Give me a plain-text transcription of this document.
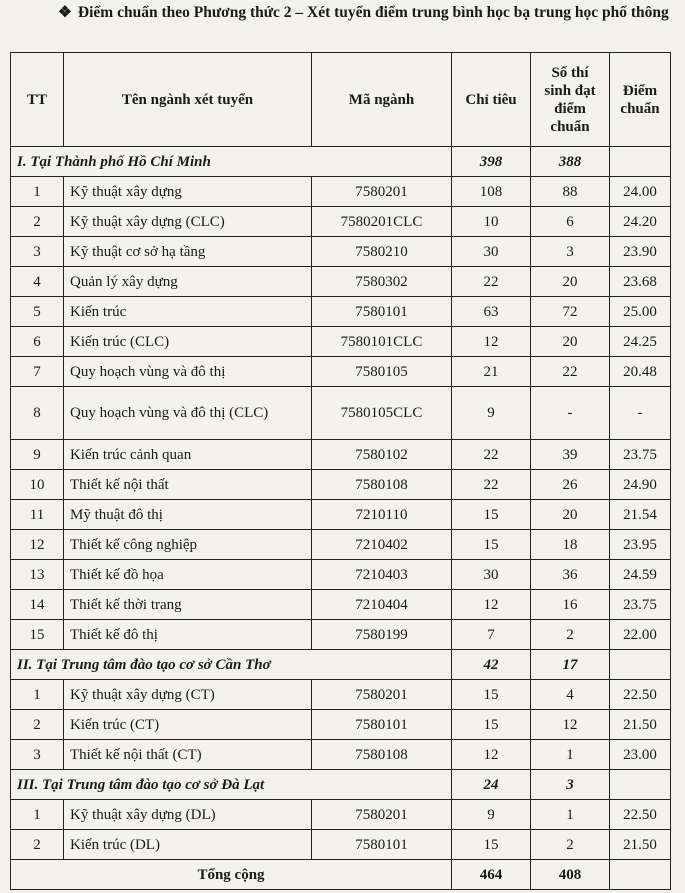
❖ Điểm chuẩn theo Phương thức 2 – Xét tuyển điểm trung bình học bạ trung học phổ thông
TT	Tên ngành xét tuyển	Mã ngành	Chỉ tiêu	Số thí sinh đạt điểm chuẩn	Điểm chuẩn
I. Tại Thành phố Hồ Chí Minh			398	388	
1	Kỹ thuật xây dựng	7580201	108	88	24.00
2	Kỹ thuật xây dựng (CLC)	7580201CLC	10	6	24.20
3	Kỹ thuật cơ sở hạ tầng	7580210	30	3	23.90
4	Quản lý xây dựng	7580302	22	20	23.68
5	Kiến trúc	7580101	63	72	25.00
6	Kiến trúc (CLC)	7580101CLC	12	20	24.25
7	Quy hoạch vùng và đô thị	7580105	21	22	20.48
8	Quy hoạch vùng và đô thị (CLC)	7580105CLC	9	-	-
9	Kiến trúc cảnh quan	7580102	22	39	23.75
10	Thiết kế nội thất	7580108	22	26	24.90
11	Mỹ thuật đô thị	7210110	15	20	21.54
12	Thiết kế công nghiệp	7210402	15	18	23.95
13	Thiết kế đồ họa	7210403	30	36	24.59
14	Thiết kế thời trang	7210404	12	16	23.75
15	Thiết kế đô thị	7580199	7	2	22.00
II. Tại Trung tâm đào tạo cơ sở Cần Thơ			42	17	
1	Kỹ thuật xây dựng (CT)	7580201	15	4	22.50
2	Kiến trúc (CT)	7580101	15	12	21.50
3	Thiết kế nội thất (CT)	7580108	12	1	23.00
III. Tại Trung tâm đào tạo cơ sở Đà Lạt			24	3	
1	Kỹ thuật xây dựng (DL)	7580201	9	1	22.50
2	Kiến trúc (DL)	7580101	15	2	21.50
Tổng cộng			464	408	
